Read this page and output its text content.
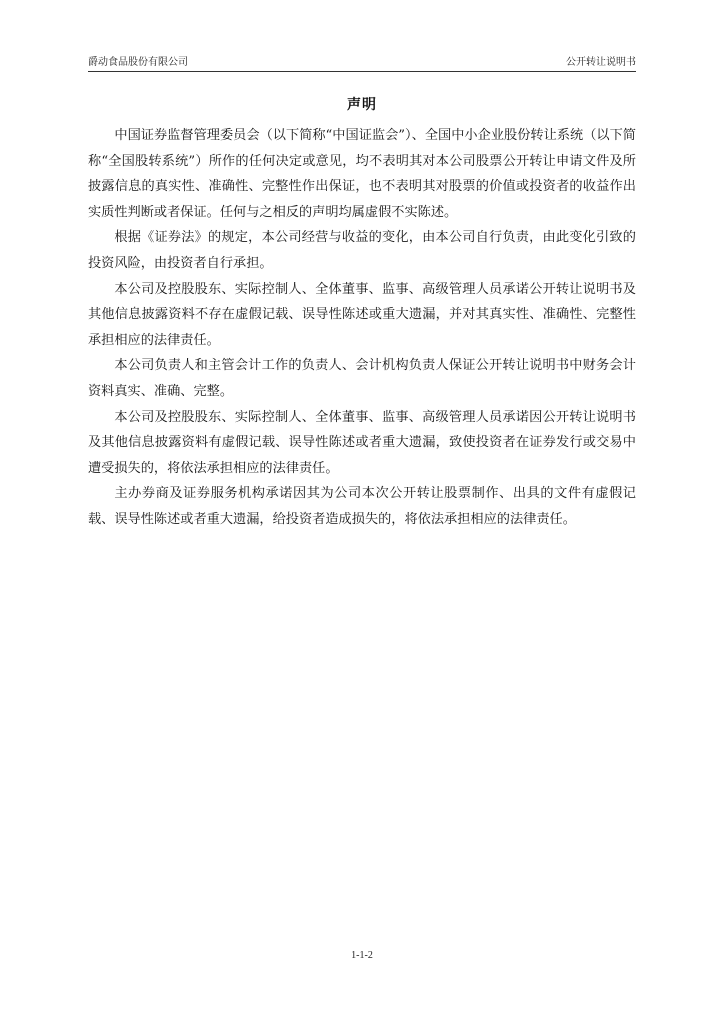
爵动食品股份有限公司	公开转让说明书
声明

中国证券监督管理委员会（以下简称“中国证监会”）、全国中小企业股份转让系统（以下简称“全国股转系统”）所作的任何决定或意见，均不表明其对本公司股票公开转让申请文件及所披露信息的真实性、准确性、完整性作出保证，也不表明其对股票的价值或投资者的收益作出实质性判断或者保证。任何与之相反的声明均属虚假不实陈述。

根据《证券法》的规定，本公司经营与收益的变化，由本公司自行负责，由此变化引致的投资风险，由投资者自行承担。

本公司及控股股东、实际控制人、全体董事、监事、高级管理人员承诺公开转让说明书及其他信息披露资料不存在虚假记载、误导性陈述或重大遗漏，并对其真实性、准确性、完整性承担相应的法律责任。

本公司负责人和主管会计工作的负责人、会计机构负责人保证公开转让说明书中财务会计资料真实、准确、完整。

本公司及控股股东、实际控制人、全体董事、监事、高级管理人员承诺因公开转让说明书及其他信息披露资料有虚假记载、误导性陈述或者重大遗漏，致使投资者在证券发行或交易中遭受损失的，将依法承担相应的法律责任。

主办券商及证券服务机构承诺因其为公司本次公开转让股票制作、出具的文件有虚假记载、误导性陈述或者重大遗漏，给投资者造成损失的，将依法承担相应的法律责任。

1-1-2
